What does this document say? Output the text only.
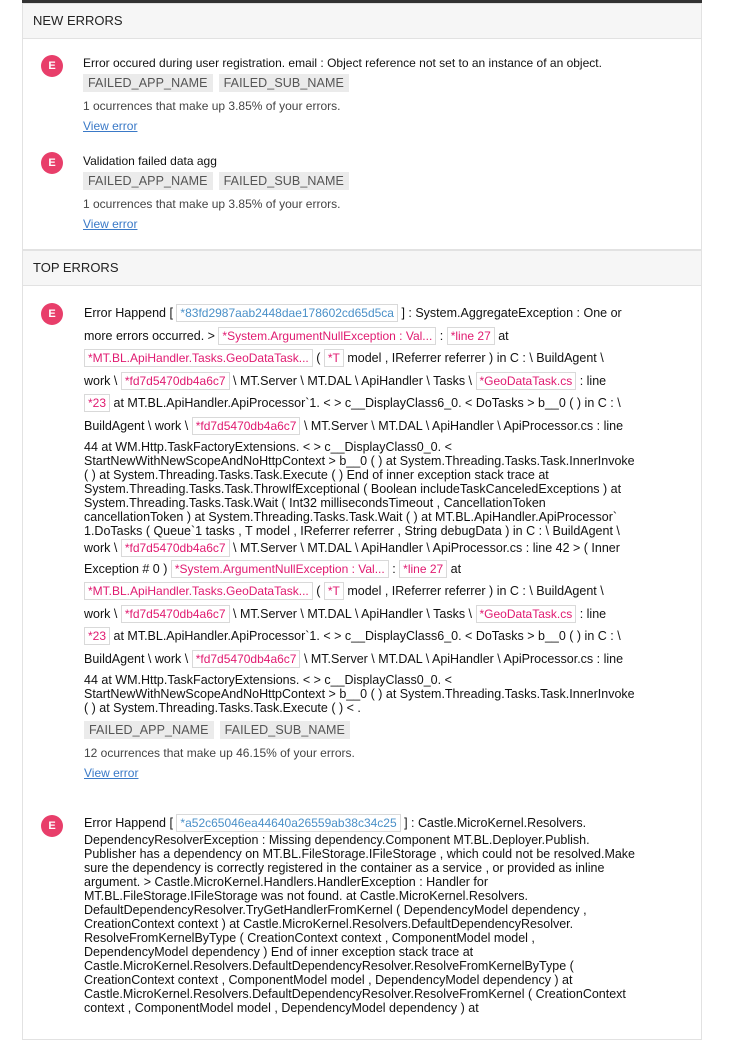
NEW ERRORS
E	Error occured during user registration. email : Object reference not set to an instance of an object.
FAILED_APP_NAME FAILED_SUB_NAME
1 ocurrences that make up 3.85% of your errors.
View error
E	Validation failed data agg
FAILED_APP_NAME FAILED_SUB_NAME
1 ocurrences that make up 3.85% of your errors.
View error
TOP ERRORS
E	Error Happend [ *83fd2987aab2448dae178602cd65d5ca ] : System.AggregateException : One or
more errors occurred. > *System.ArgumentNullException : Val... : *line 27 at
*MT.BL.ApiHandler.Tasks.GeoDataTask... ( *T model , IReferrer referrer ) in C : \ BuildAgent \
work \ *fd7d5470db4a6c7 \ MT.Server \ MT.DAL \ ApiHandler \ Tasks \ *GeoDataTask.cs : line
*23 at MT.BL.ApiHandler.ApiProcessor`1. < > c__DisplayClass6_0. < DoTasks > b__0 ( ) in C : \
BuildAgent \ work \ *fd7d5470db4a6c7 \ MT.Server \ MT.DAL \ ApiHandler \ ApiProcessor.cs : line
44 at WM.Http.TaskFactoryExtensions. < > c__DisplayClass0_0. <
StartNewWithNewScopeAndNoHttpContext > b__0 ( ) at System.Threading.Tasks.Task.InnerInvoke
( ) at System.Threading.Tasks.Task.Execute ( ) End of inner exception stack trace at
System.Threading.Tasks.Task.ThrowIfExceptional ( Boolean includeTaskCanceledExceptions ) at
System.Threading.Tasks.Task.Wait ( Int32 millisecondsTimeout , CancellationToken
cancellationToken ) at System.Threading.Tasks.Task.Wait ( ) at MT.BL.ApiHandler.ApiProcessor`
1.DoTasks ( Queue`1 tasks , T model , IReferrer referrer , String debugData ) in C : \ BuildAgent \
work \ *fd7d5470db4a6c7 \ MT.Server \ MT.DAL \ ApiHandler \ ApiProcessor.cs : line 42 > ( Inner
Exception # 0 ) *System.ArgumentNullException : Val... : *line 27 at
*MT.BL.ApiHandler.Tasks.GeoDataTask... ( *T model , IReferrer referrer ) in C : \ BuildAgent \
work \ *fd7d5470db4a6c7 \ MT.Server \ MT.DAL \ ApiHandler \ Tasks \ *GeoDataTask.cs : line
*23 at MT.BL.ApiHandler.ApiProcessor`1. < > c__DisplayClass6_0. < DoTasks > b__0 ( ) in C : \
BuildAgent \ work \ *fd7d5470db4a6c7 \ MT.Server \ MT.DAL \ ApiHandler \ ApiProcessor.cs : line
44 at WM.Http.TaskFactoryExtensions. < > c__DisplayClass0_0. <
StartNewWithNewScopeAndNoHttpContext > b__0 ( ) at System.Threading.Tasks.Task.InnerInvoke
( ) at System.Threading.Tasks.Task.Execute ( ) < .
FAILED_APP_NAME FAILED_SUB_NAME
12 ocurrences that make up 46.15% of your errors.
View error
E	Error Happend [ *a52c65046ea44640a26559ab38c34c25 ] : Castle.MicroKernel.Resolvers.
DependencyResolverException : Missing dependency.Component MT.BL.Deployer.Publish.
Publisher has a dependency on MT.BL.FileStorage.IFileStorage , which could not be resolved.Make
sure the dependency is correctly registered in the container as a service , or provided as inline
argument. > Castle.MicroKernel.Handlers.HandlerException : Handler for
MT.BL.FileStorage.IFileStorage was not found. at Castle.MicroKernel.Resolvers.
DefaultDependencyResolver.TryGetHandlerFromKernel ( DependencyModel dependency ,
CreationContext context ) at Castle.MicroKernel.Resolvers.DefaultDependencyResolver.
ResolveFromKernelByType ( CreationContext context , ComponentModel model ,
DependencyModel dependency ) End of inner exception stack trace at
Castle.MicroKernel.Resolvers.DefaultDependencyResolver.ResolveFromKernelByType (
CreationContext context , ComponentModel model , DependencyModel dependency ) at
Castle.MicroKernel.Resolvers.DefaultDependencyResolver.ResolveFromKernel ( CreationContext
context , ComponentModel model , DependencyModel dependency ) at
